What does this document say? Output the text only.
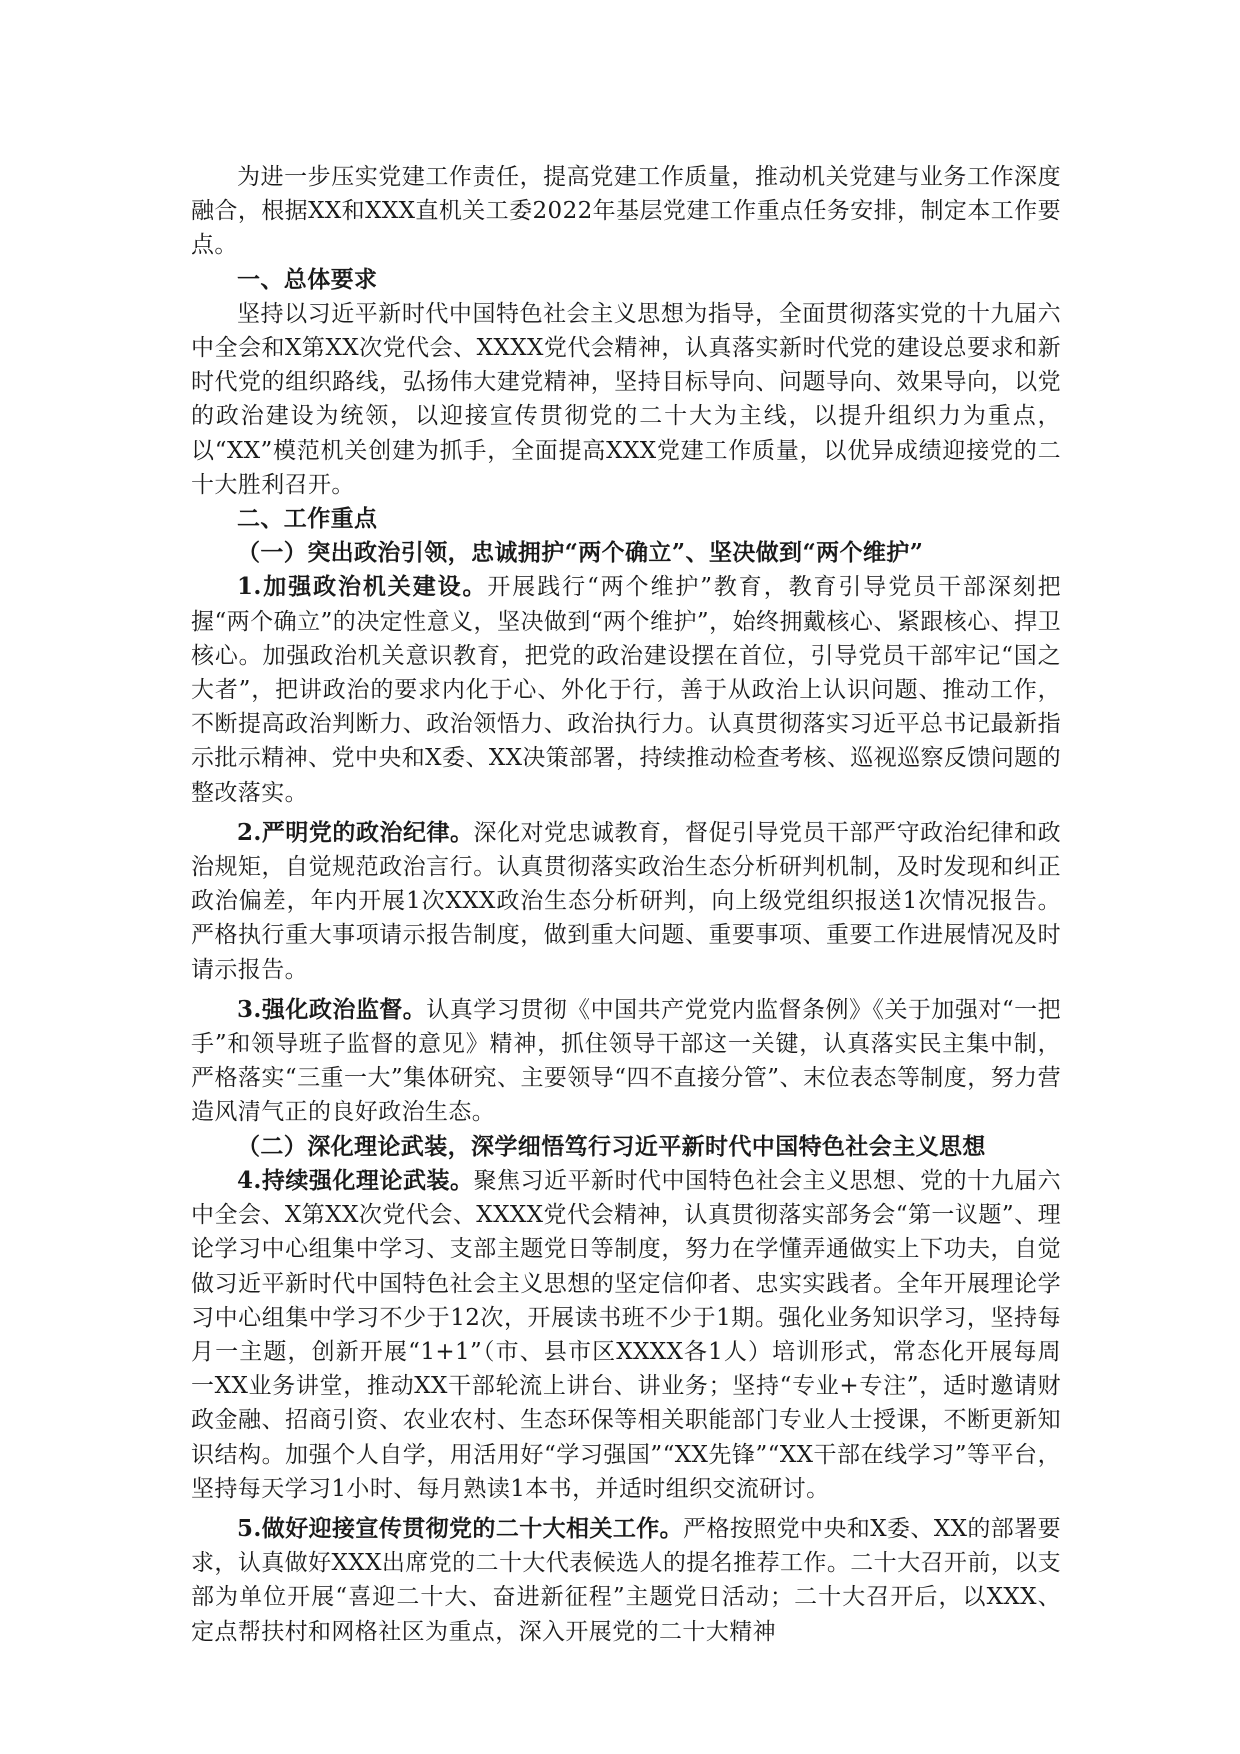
为进一步压实党建工作责任，提高党建工作质量，推动机关党建与业务工作深度融合，根据XX和XXX直机关工委2022年基层党建工作重点任务安排，制定本工作要点。

一、总体要求

坚持以习近平新时代中国特色社会主义思想为指导，全面贯彻落实党的十九届六中全会和X第XX次党代会、XXXX党代会精神，认真落实新时代党的建设总要求和新时代党的组织路线，弘扬伟大建党精神，坚持目标导向、问题导向、效果导向，以党的政治建设为统领，以迎接宣传贯彻党的二十大为主线，以提升组织力为重点，以“XX”模范机关创建为抓手，全面提高XXX党建工作质量，以优异成绩迎接党的二十大胜利召开。

二、工作重点

（一）突出政治引领，忠诚拥护“两个确立”、坚决做到“两个维护”

1.加强政治机关建设。开展践行“两个维护”教育，教育引导党员干部深刻把握“两个确立”的决定性意义，坚决做到“两个维护”，始终拥戴核心、紧跟核心、捍卫核心。加强政治机关意识教育，把党的政治建设摆在首位，引导党员干部牢记“国之大者”，把讲政治的要求内化于心、外化于行，善于从政治上认识问题、推动工作，不断提高政治判断力、政治领悟力、政治执行力。认真贯彻落实习近平总书记最新指示批示精神、党中央和X委、XX决策部署，持续推动检查考核、巡视巡察反馈问题的整改落实。

2.严明党的政治纪律。深化对党忠诚教育，督促引导党员干部严守政治纪律和政治规矩，自觉规范政治言行。认真贯彻落实政治生态分析研判机制，及时发现和纠正政治偏差，年内开展1次XXX政治生态分析研判，向上级党组织报送1次情况报告。严格执行重大事项请示报告制度，做到重大问题、重要事项、重要工作进展情况及时请示报告。

3.强化政治监督。认真学习贯彻《中国共产党党内监督条例》《关于加强对“一把手”和领导班子监督的意见》精神，抓住领导干部这一关键，认真落实民主集中制，严格落实“三重一大”集体研究、主要领导“四不直接分管”、末位表态等制度，努力营造风清气正的良好政治生态。

（二）深化理论武装，深学细悟笃行习近平新时代中国特色社会主义思想

4.持续强化理论武装。聚焦习近平新时代中国特色社会主义思想、党的十九届六中全会、X第XX次党代会、XXXX党代会精神，认真贯彻落实部务会“第一议题”、理论学习中心组集中学习、支部主题党日等制度，努力在学懂弄通做实上下功夫，自觉做习近平新时代中国特色社会主义思想的坚定信仰者、忠实实践者。全年开展理论学习中心组集中学习不少于12次，开展读书班不少于1期。强化业务知识学习，坚持每月一主题，创新开展“1+1”（市、县市区XXXX各1人）培训形式，常态化开展每周一XX业务讲堂，推动XX干部轮流上讲台、讲业务；坚持“专业+专注”，适时邀请财政金融、招商引资、农业农村、生态环保等相关职能部门专业人士授课，不断更新知识结构。加强个人自学，用活用好“学习强国”“XX先锋”“XX干部在线学习”等平台，坚持每天学习1小时、每月熟读1本书，并适时组织交流研讨。

5.做好迎接宣传贯彻党的二十大相关工作。严格按照党中央和X委、XX的部署要求，认真做好XXX出席党的二十大代表候选人的提名推荐工作。二十大召开前，以支部为单位开展“喜迎二十大、奋进新征程”主题党日活动；二十大召开后，以XXX、定点帮扶村和网格社区为重点，深入开展党的二十大精神
